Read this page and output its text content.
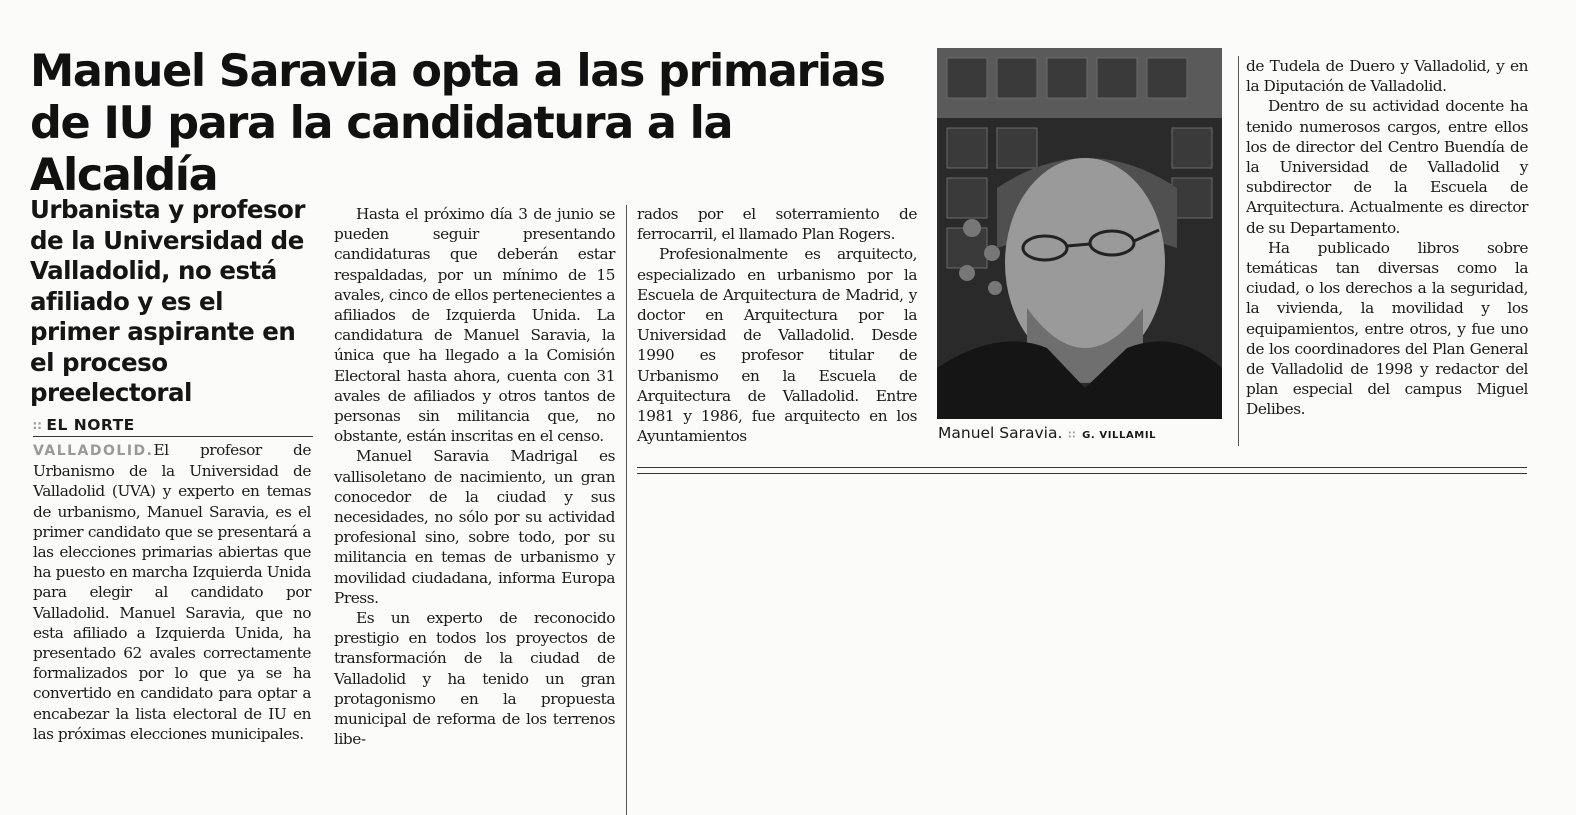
Manuel Saravia opta a las primarias
de IU para la candidatura a la Alcaldía
Urbanista y profesor de la Universidad de Valladolid, no está afiliado y es el primer aspirante en el proceso preelectoral
∷ EL NORTE

VALLADOLID.El profesor de Urbanismo de la Universidad de Valladolid (UVA) y experto en temas de urbanismo, Manuel Saravia, es el primer candidato que se presentará a las elecciones primarias abiertas que ha puesto en marcha Izquierda Unida para elegir al candidato por Valladolid. Manuel Saravia, que no esta afiliado a Izquierda Unida, ha presentado 62 avales correctamente formalizados por lo que ya se ha convertido en candidato para optar a encabezar la lista electoral de IU en las próximas elecciones municipales.

Hasta el próximo día 3 de junio se pueden seguir presentando candidaturas que deberán estar respaldadas, por un mínimo de 15 avales, cinco de ellos pertenecientes a afiliados de Izquierda Unida. La candidatura de Manuel Saravia, la única que ha llegado a la Comisión Electoral hasta ahora, cuenta con 31 avales de afiliados y otros tantos de personas sin militancia que, no obstante, están inscritas en el censo.

Manuel Saravia Madrigal es vallisoletano de nacimiento, un gran conocedor de la ciudad y sus necesidades, no sólo por su actividad profesional sino, sobre todo, por su militancia en temas de urbanismo y movilidad ciudadana, informa Europa Press.

Es un experto de reconocido prestigio en todos los proyectos de transformación de la ciudad de Valladolid y ha tenido un gran protagonismo en la propuesta municipal de reforma de los terrenos libe-

rados por el soterramiento de ferrocarril, el llamado Plan Rogers.

Profesionalmente es arquitecto, especializado en urbanismo por la Escuela de Arquitectura de Madrid, y doctor en Arquitectura por la Universidad de Valladolid. Desde 1990 es profesor titular de Urbanismo en la Escuela de Arquitectura de Valladolid. Entre 1981 y 1986, fue arquitecto en los Ayuntamientos	Manuel Saravia. ∷ G. VILLAMIL

de Tudela de Duero y Valladolid, y en la Diputación de Valladolid.

Dentro de su actividad docente ha tenido numerosos cargos, entre ellos los de director del Centro Buendía de la Universidad de Valladolid y subdirector de la Escuela de Arquitectura. Actualmente es director de su Departamento.

Ha publicado libros sobre temáticas tan diversas como la ciudad, o los derechos a la seguridad, la vivienda, la movilidad y los equipamientos, entre otros, y fue uno de los coordinadores del Plan General de Valladolid de 1998 y redactor del plan especial del campus Miguel Delibes.
